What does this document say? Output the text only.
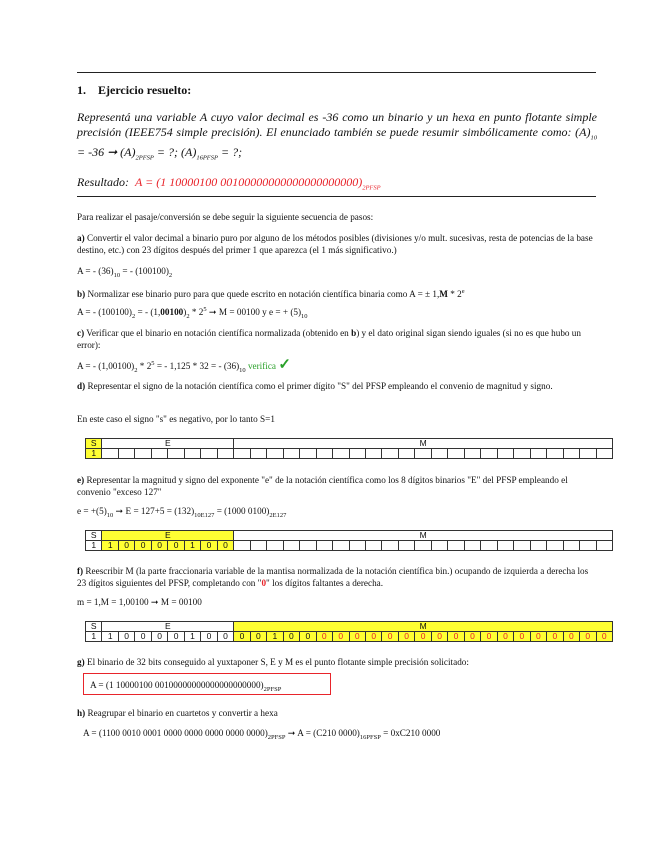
1. Ejercicio resuelto:
Representá una variable A cuyo valor decimal es -36 como un binario y un hexa en punto flotante simple precisión (IEEE754 simple precisión). El enunciado también se puede resumir simbólicamente como: $(A)_{10} = -36$ ➞ $(A)_{2PFSP}$ = ?; $(A)_{16PFSP}$ = ?;
Resultado: A = (1 10000100 $00100000000000000000000)_{2PFSP}$
Para realizar el pasaje/conversión se debe seguir la siguiente secuencia de pasos:
a) Convertir el valor decimal a binario puro por alguno de los métodos posibles (divisiones y/o mult. sucesivas, resta de potencias de la base destino, etc.) con 23 dígitos después del primer 1 que aparezca (el 1 más significativo.)
A = - $(36)_{10}$ = - $(100100)_2$
b) Normalizar ese binario puro para que quede escrito en notación científica binaria como A = ± 1,M * 2e
A = - $(100100)_2$ = - $(1,00100)_2 * 2^5$ ➞ M = 00100 y e = + $(5)_{10}$
c) Verificar que el binario en notación científica normalizada (obtenido en b) y el dato original sigan siendo iguales (si no es que hubo un error):
A = - $(1,00100)_2 * 2^5$ = - 1,125 * 32 = - $(36)_{10}$ verifica ✓
d) Representar el signo de la notación científica como el primer dígito "S" del PFSP empleando el convenio de magnitud y signo.
En este caso el signo "s" es negativo, por lo tanto S=1
S	E								M																						
1																															
e) Representar la magnitud y signo del exponente "e" de la notación científica como los 8 dígitos binarios "E" del PFSP empleando el convenio "exceso 127"
$e = +(5)_{10}$ ➞ $E = 127+5 = (132)_{10E127} = (1000$ $0100)_{2E127}$
S	E								M																						
1	1	0	0	0	0	1	0	0																							
f) Reescribir M (la parte fraccionaria variable de la mantisa normalizada de la notación científica bin.) ocupando de izquierda a derecha los 23 dígitos siguientes del PFSP, completando con "0" los dígitos faltantes a derecha.
m = 1,M = 1,00100 ➞ M = 00100
S	E								M																						
1	1	0	0	0	0	1	0	0	0	0	1	0	0	0	0	0	0	0	0	0	0	0	0	0	0	0	0	0	0	0	0
g) El binario de 32 bits conseguido al yuxtaponer S, E y M es el punto flotante simple precisión solicitado:
A = (1 10000100 $00100000000000000000000)_{2PFSP}$
h) Reagrupar el binario en cuartetos y convertir a hexa
A = (1100 0010 0001 0000 0000 0000 0000 $0000)_{2PFSP}$ ➞ A = (C210 $0000)_{16PFSP} = 0xC210$ 0000
